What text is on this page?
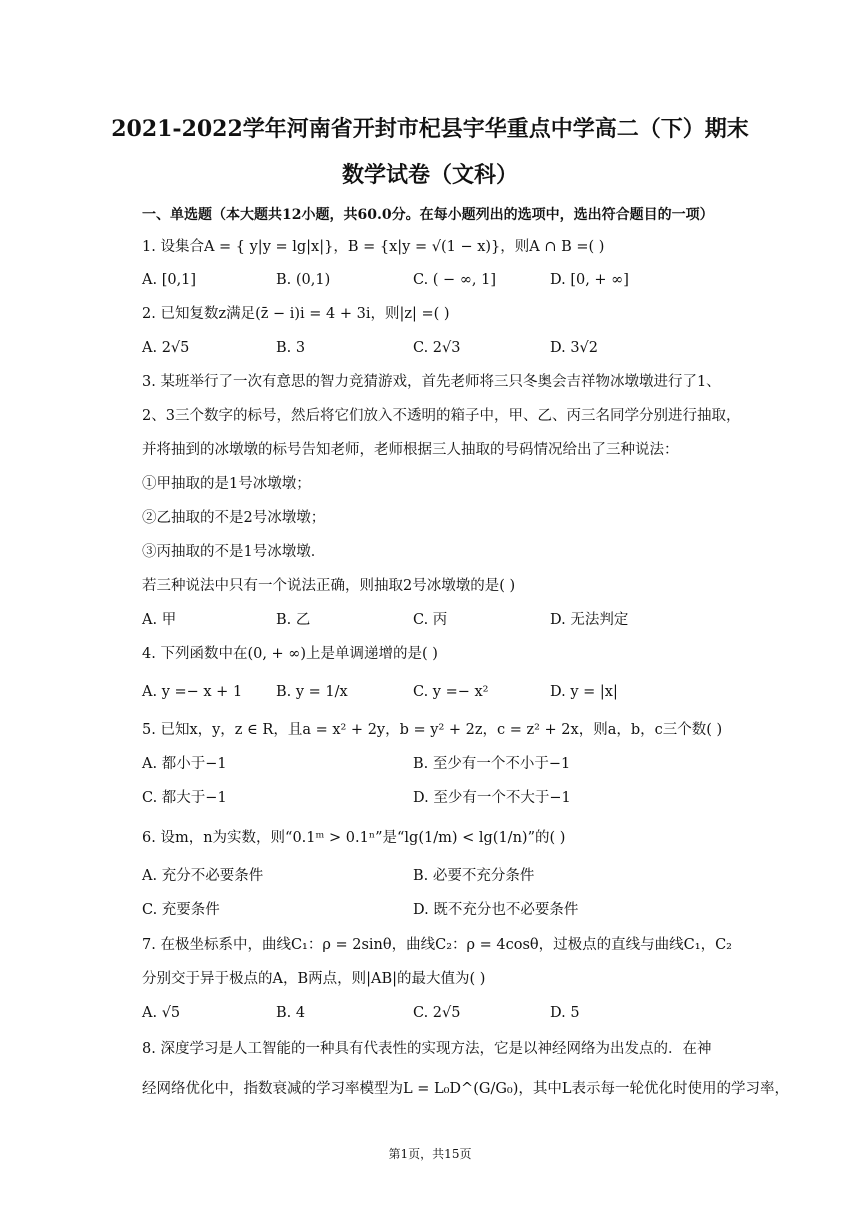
2021-2022学年河南省开封市杞县宇华重点中学高二（下）期末
数学试卷（文科）
一、单选题（本大题共12小题，共60.0分。在每小题列出的选项中，选出符合题目的一项）
1. 设集合A = { y|y = lg|x|}，B = {x|y = √(1 − x)}，则A ∩ B =( )
A. [0,1]	B. (0,1)	C. ( − ∞, 1]	D. [0, + ∞]
2. 已知复数z满足(z̄ − i)i = 4 + 3i，则|z| =( )
A. 2√5	B. 3	C. 2√3	D. 3√2
3. 某班举行了一次有意思的智力竞猜游戏，首先老师将三只冬奥会吉祥物冰墩墩进行了1、
2、3三个数字的标号，然后将它们放入不透明的箱子中，甲、乙、丙三名同学分别进行抽取，
并将抽到的冰墩墩的标号告知老师，老师根据三人抽取的号码情况给出了三种说法：
①甲抽取的是1号冰墩墩；
②乙抽取的不是2号冰墩墩；
③丙抽取的不是1号冰墩墩．
若三种说法中只有一个说法正确，则抽取2号冰墩墩的是( )
A. 甲	B. 乙	C. 丙	D. 无法判定
4. 下列函数中在(0, + ∞)上是单调递增的是( )
A. y =− x + 1 B. y = 1/x	C. y =− x²	D. y = |x|
5. 已知x，y，z ∈ R，且a = x² + 2y，b = y² + 2z，c = z² + 2x，则a，b，c三个数( )
A. 都小于−1	B. 至少有一个不小于−1
C. 都大于−1	D. 至少有一个不大于−1
6. 设m，n为实数，则“0.1ᵐ > 0.1ⁿ”是“lg(1/m) < lg(1/n)”的( )
A. 充分不必要条件	B. 必要不充分条件
C. 充要条件	D. 既不充分也不必要条件
7. 在极坐标系中，曲线C₁：ρ = 2sinθ，曲线C₂：ρ = 4cosθ，过极点的直线与曲线C₁，C₂
分别交于异于极点的A，B两点，则|AB|的最大值为( )
A. √5	B. 4	C. 2√5	D. 5
8. 深度学习是人工智能的一种具有代表性的实现方法，它是以神经网络为出发点的．在神
经网络优化中，指数衰减的学习率模型为L = L₀D^(G/G₀)，其中L表示每一轮优化时使用的学习率，
第1页，共15页
